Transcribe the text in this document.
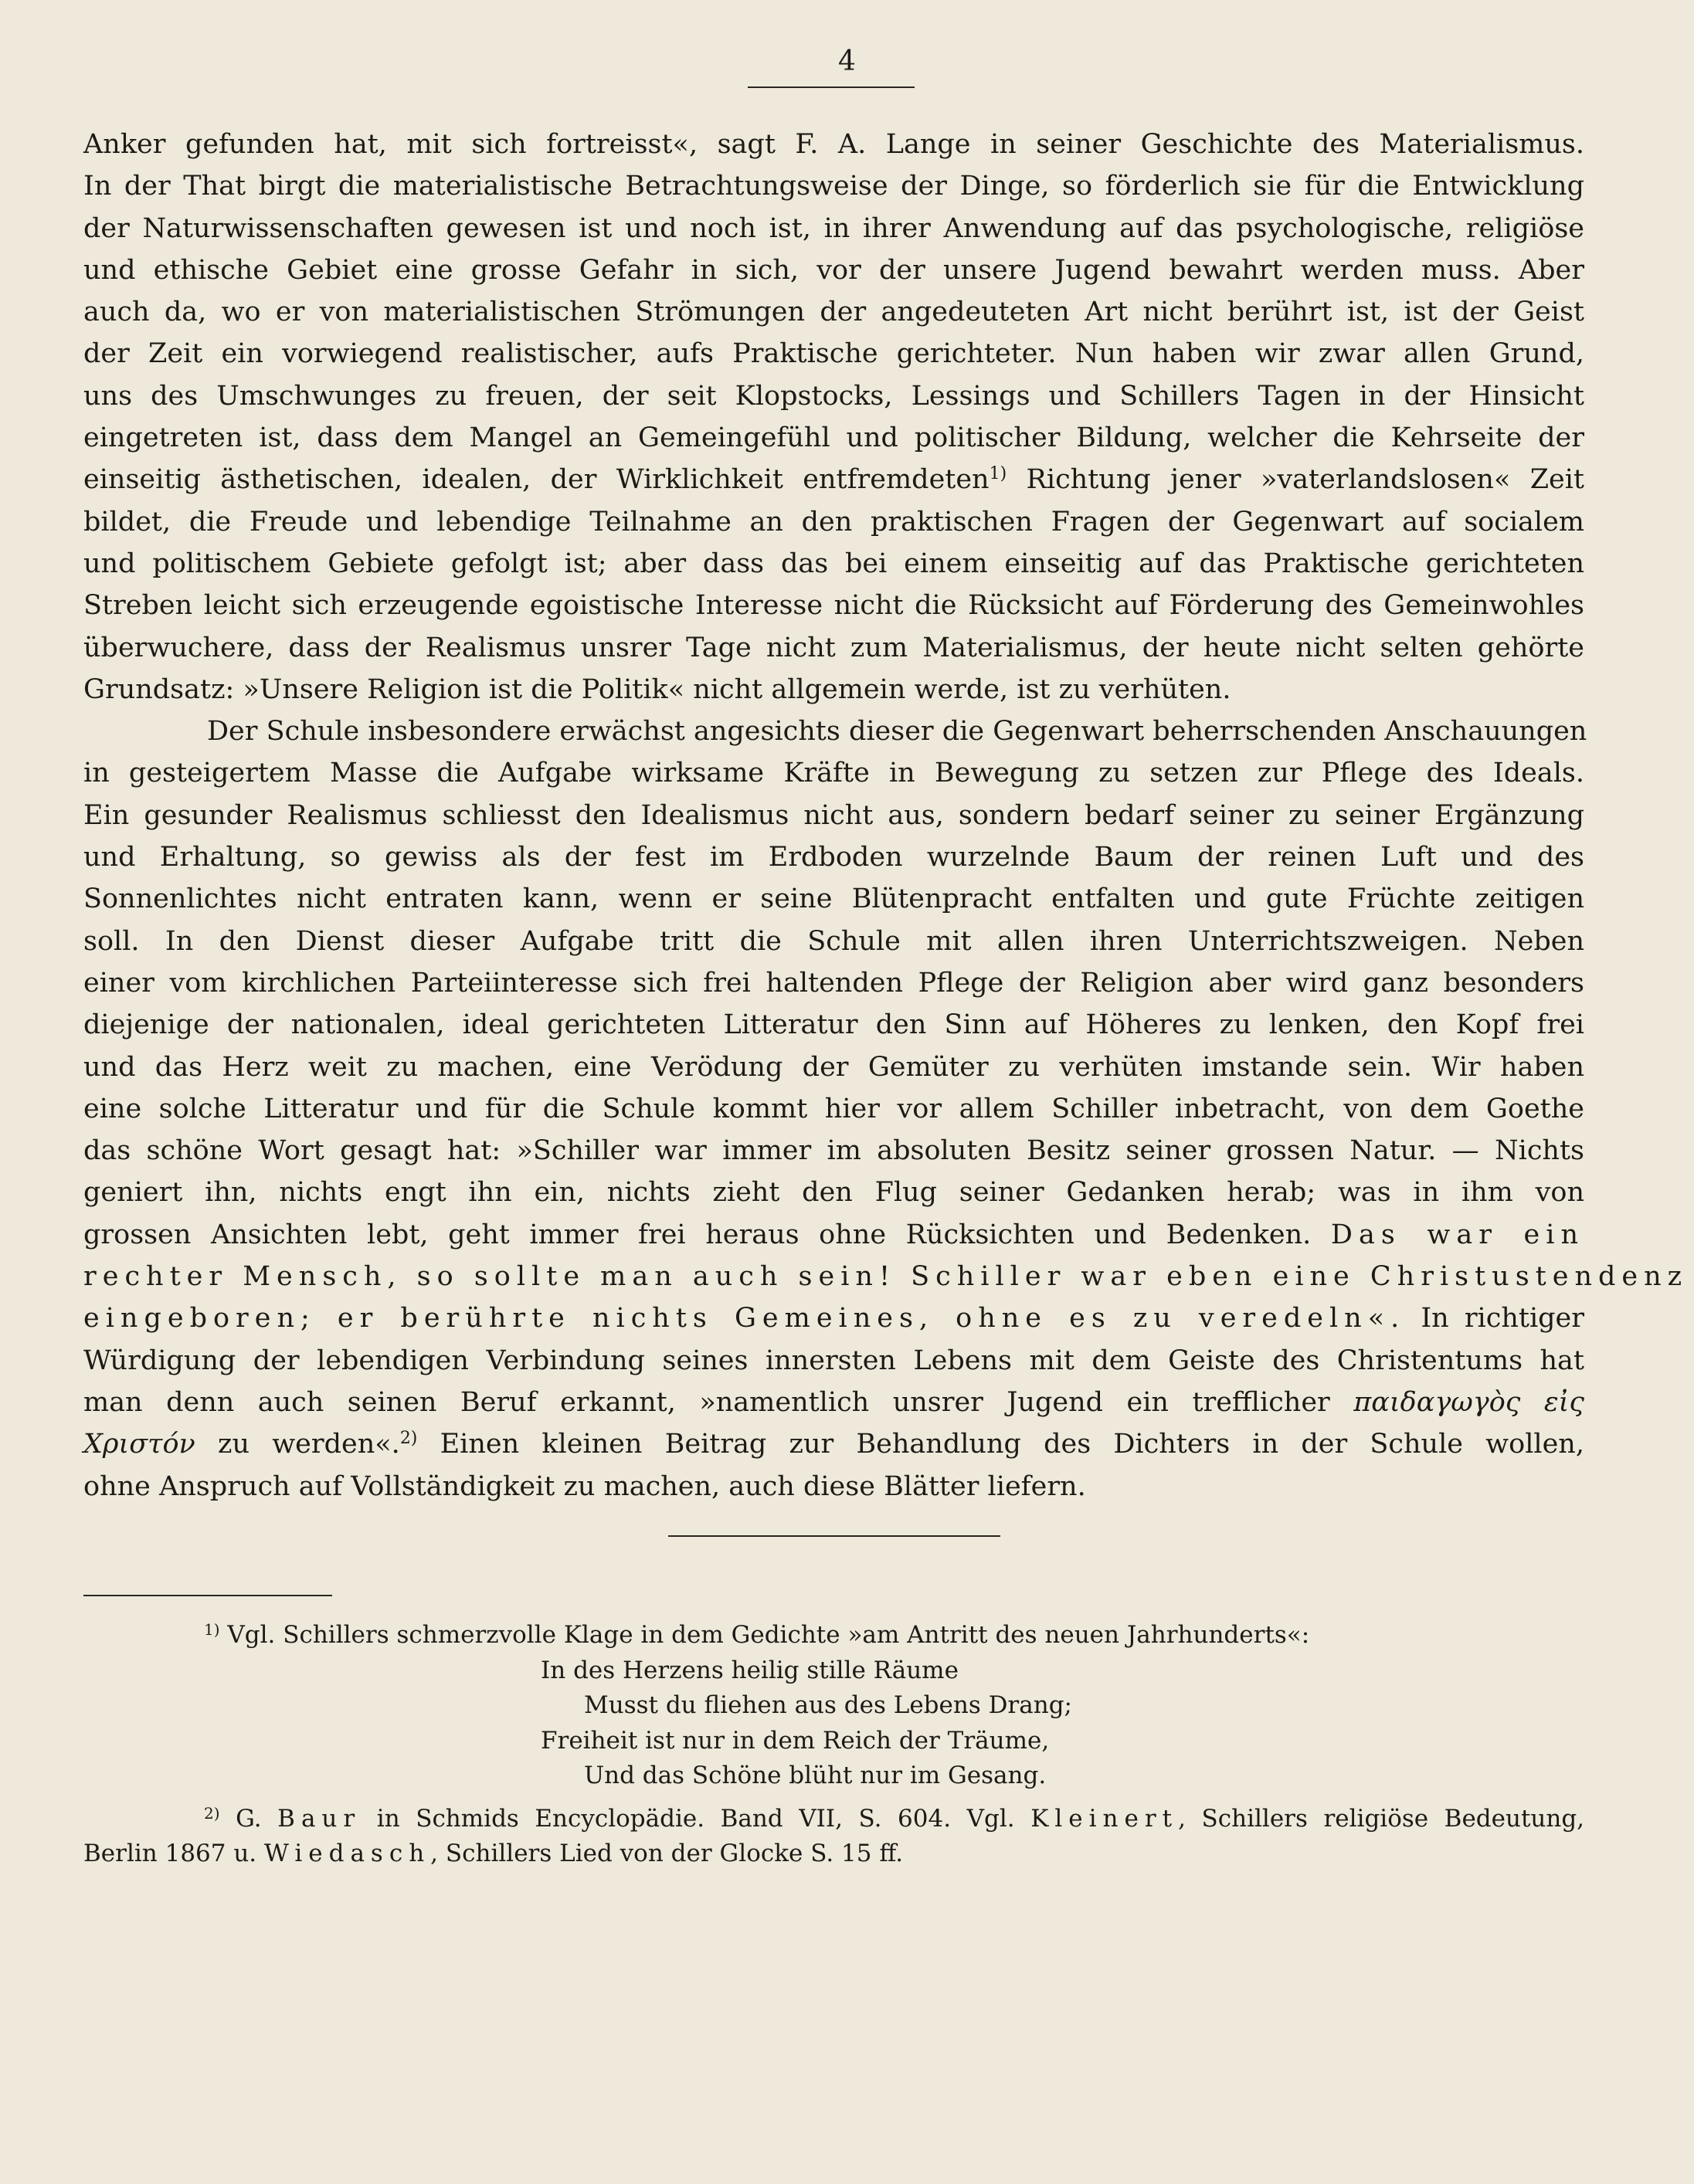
4
Anker gefunden hat, mit sich fortreisst«, sagt F. A. Lange in seiner Geschichte des Materialismus.
In der That birgt die materialistische Betrachtungsweise der Dinge, so förderlich sie für die Entwicklung
der Naturwissenschaften gewesen ist und noch ist, in ihrer Anwendung auf das psychologische, religiöse
und ethische Gebiet eine grosse Gefahr in sich, vor der unsere Jugend bewahrt werden muss. Aber
auch da, wo er von materialistischen Strömungen der angedeuteten Art nicht berührt ist, ist der Geist
der Zeit ein vorwiegend realistischer, aufs Praktische gerichteter. Nun haben wir zwar allen Grund,
uns des Umschwunges zu freuen, der seit Klopstocks, Lessings und Schillers Tagen in der Hinsicht
eingetreten ist, dass dem Mangel an Gemeingefühl und politischer Bildung, welcher die Kehrseite der
einseitig ästhetischen, idealen, der Wirklichkeit entfremdeten$^{1)}$ Richtung jener »vaterlandslosen« Zeit
bildet, die Freude und lebendige Teilnahme an den praktischen Fragen der Gegenwart auf socialem
und politischem Gebiete gefolgt ist; aber dass das bei einem einseitig auf das Praktische gerichteten
Streben leicht sich erzeugende egoistische Interesse nicht die Rücksicht auf Förderung des Gemeinwohles
überwuchere, dass der Realismus unsrer Tage nicht zum Materialismus, der heute nicht selten gehörte
Grundsatz: »Unsere Religion ist die Politik« nicht allgemein werde, ist zu verhüten.
Der Schule insbesondere erwächst angesichts dieser die Gegenwart beherrschenden Anschauungen
in gesteigertem Masse die Aufgabe wirksame Kräfte in Bewegung zu setzen zur Pflege des Ideals.
Ein gesunder Realismus schliesst den Idealismus nicht aus, sondern bedarf seiner zu seiner Ergänzung
und Erhaltung, so gewiss als der fest im Erdboden wurzelnde Baum der reinen Luft und des
Sonnenlichtes nicht entraten kann, wenn er seine Blütenpracht entfalten und gute Früchte zeitigen
soll. In den Dienst dieser Aufgabe tritt die Schule mit allen ihren Unterrichtszweigen. Neben
einer vom kirchlichen Parteiinteresse sich frei haltenden Pflege der Religion aber wird ganz besonders
diejenige der nationalen, ideal gerichteten Litteratur den Sinn auf Höheres zu lenken, den Kopf frei
und das Herz weit zu machen, eine Verödung der Gemüter zu verhüten imstande sein. Wir haben
eine solche Litteratur und für die Schule kommt hier vor allem Schiller inbetracht, von dem Goethe
das schöne Wort gesagt hat: »Schiller war immer im absoluten Besitz seiner grossen Natur. — Nichts
geniert ihn, nichts engt ihn ein, nichts zieht den Flug seiner Gedanken herab; was in ihm von
grossen Ansichten lebt, geht immer frei heraus ohne Rücksichten und Bedenken. Das war ein
rechter Mensch, so sollte man auch sein! Schiller war eben eine Christustendenz
eingeboren; er berührte nichts Gemeines, ohne es zu veredeln«. In richtiger
Würdigung der lebendigen Verbindung seines innersten Lebens mit dem Geiste des Christentums hat
man denn auch seinen Beruf erkannt, »namentlich unsrer Jugend ein trefflicher παιδαγωγὸς εἰς
Χριστόν zu werden«.$^{2)}$ Einen kleinen Beitrag zur Behandlung des Dichters in der Schule wollen,
ohne Anspruch auf Vollständigkeit zu machen, auch diese Blätter liefern.
$^{1)}$ Vgl. Schillers schmerzvolle Klage in dem Gedichte »am Antritt des neuen Jahrhunderts«:
In des Herzens heilig stille Räume
Musst du fliehen aus des Lebens Drang;
Freiheit ist nur in dem Reich der Träume,
Und das Schöne blüht nur im Gesang.
$^{2)}$ G. Baur in Schmids Encyclopädie. Band VII, S. 604. Vgl. Kleinert, Schillers religiöse Bedeutung,
Berlin 1867 u. Wiedasch, Schillers Lied von der Glocke S. 15 ff.
